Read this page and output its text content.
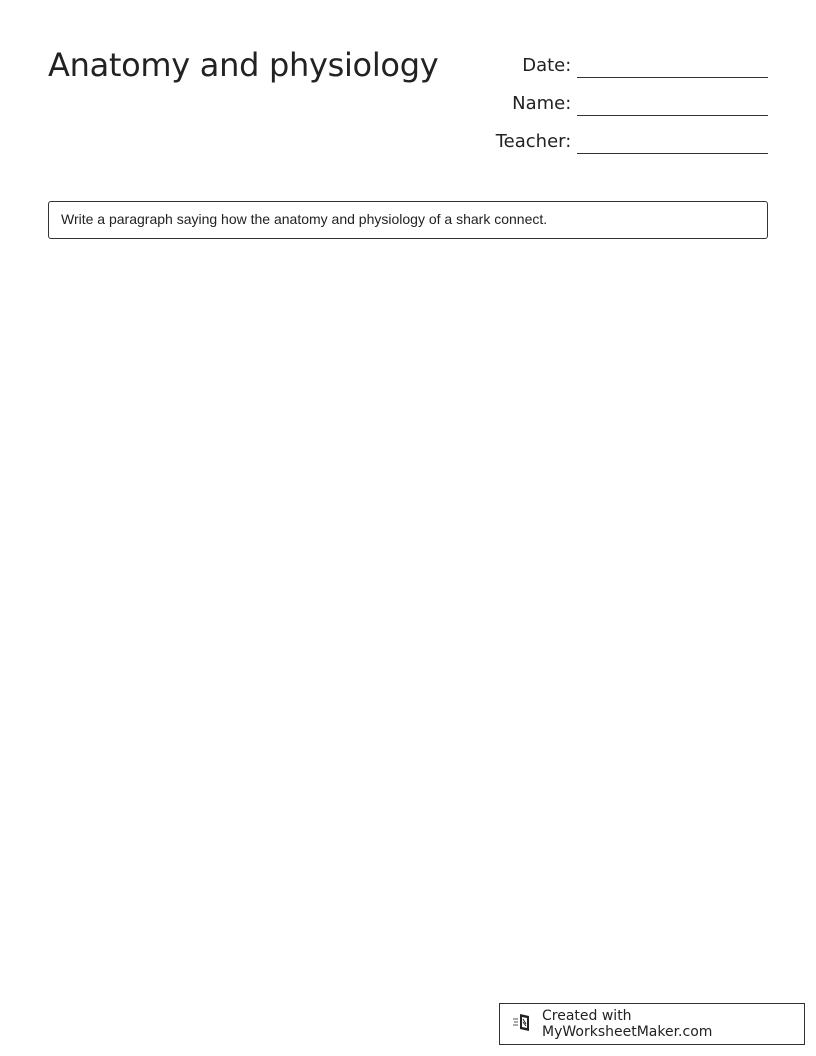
Anatomy and physiology	Date:
Name:
Teacher:
Write a paragraph saying how the anatomy and physiology of a shark connect.
Created with MyWorksheetMaker.com
